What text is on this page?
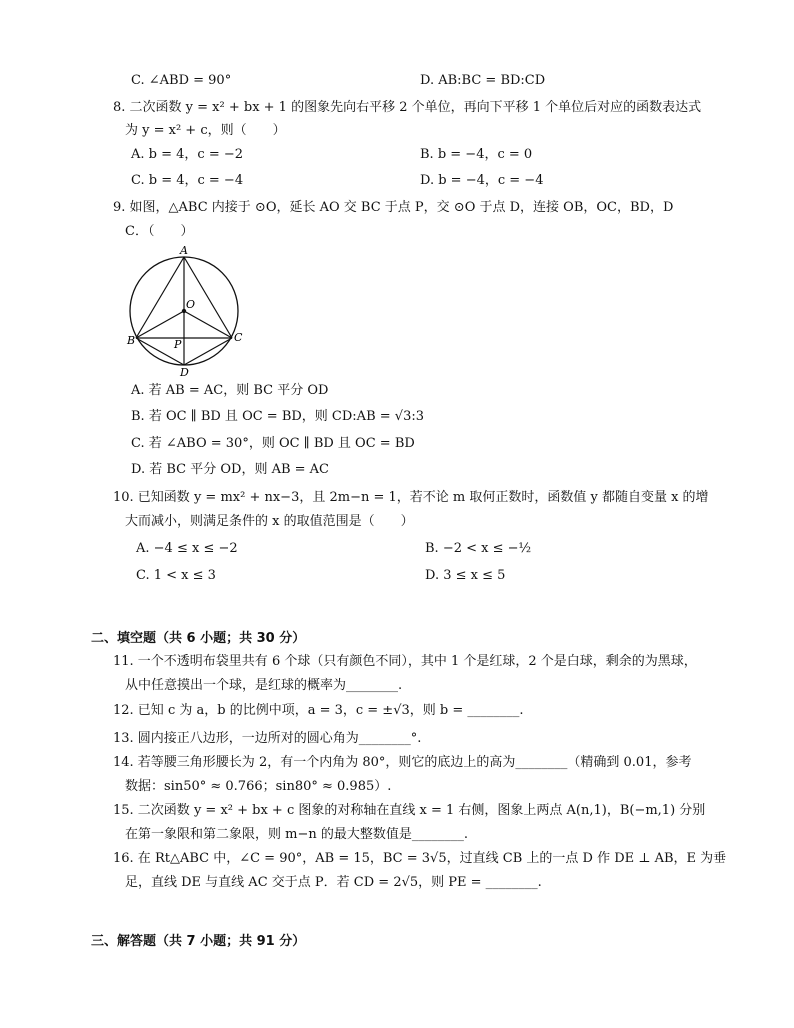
C. ∠ABD = 90°	D. AB:BC = BD:CD
8. 二次函数 y = x² + bx + 1 的图象先向右平移 2 个单位，再向下平移 1 个单位后对应的函数表达式
为 y = x² + c，则（　　）
A. b = 4，c = −2	B. b = −4，c = 0
C. b = 4，c = −4	D. b = −4，c = −4
9. 如图，△ABC 内接于 ⊙O，延长 AO 交 BC 于点 P，交 ⊙O 于点 D，连接 OB，OC，BD，D
C．（　　）
A
O
B	C
P
D
A. 若 AB = AC，则 BC 平分 OD
B. 若 OC ∥ BD 且 OC = BD，则 CD:AB = √3:3
C. 若 ∠ABO = 30°，则 OC ∥ BD 且 OC = BD
D. 若 BC 平分 OD，则 AB = AC
10. 已知函数 y = mx² + nx−3，且 2m−n = 1，若不论 m 取何正数时，函数值 y 都随自变量 x 的增
大而减小，则满足条件的 x 的取值范围是（　　）
A. −4 ≤ x ≤ −2	B. −2 < x ≤ −½
C. 1 < x ≤ 3	D. 3 ≤ x ≤ 5
二、填空题（共 6 小题；共 30 分）
11. 一个不透明布袋里共有 6 个球（只有颜色不同），其中 1 个是红球，2 个是白球，剩余的为黑球，
从中任意摸出一个球，是红球的概率为________.
12. 已知 c 为 a，b 的比例中项，a = 3，c = ±√3，则 b = ________.
13. 圆内接正八边形，一边所对的圆心角为________°.
14. 若等腰三角形腰长为 2，有一个内角为 80°，则它的底边上的高为________（精确到 0.01，参考
数据：sin50° ≈ 0.766；sin80° ≈ 0.985）.
15. 二次函数 y = x² + bx + c 图象的对称轴在直线 x = 1 右侧，图象上两点 A(n,1)，B(−m,1) 分别
在第一象限和第二象限，则 m−n 的最大整数值是________.
16. 在 Rt△ABC 中，∠C = 90°，AB = 15，BC = 3√5，过直线 CB 上的一点 D 作 DE ⊥ AB，E 为垂
足，直线 DE 与直线 AC 交于点 P．若 CD = 2√5，则 PE = ________.
三、解答题（共 7 小题；共 91 分）
